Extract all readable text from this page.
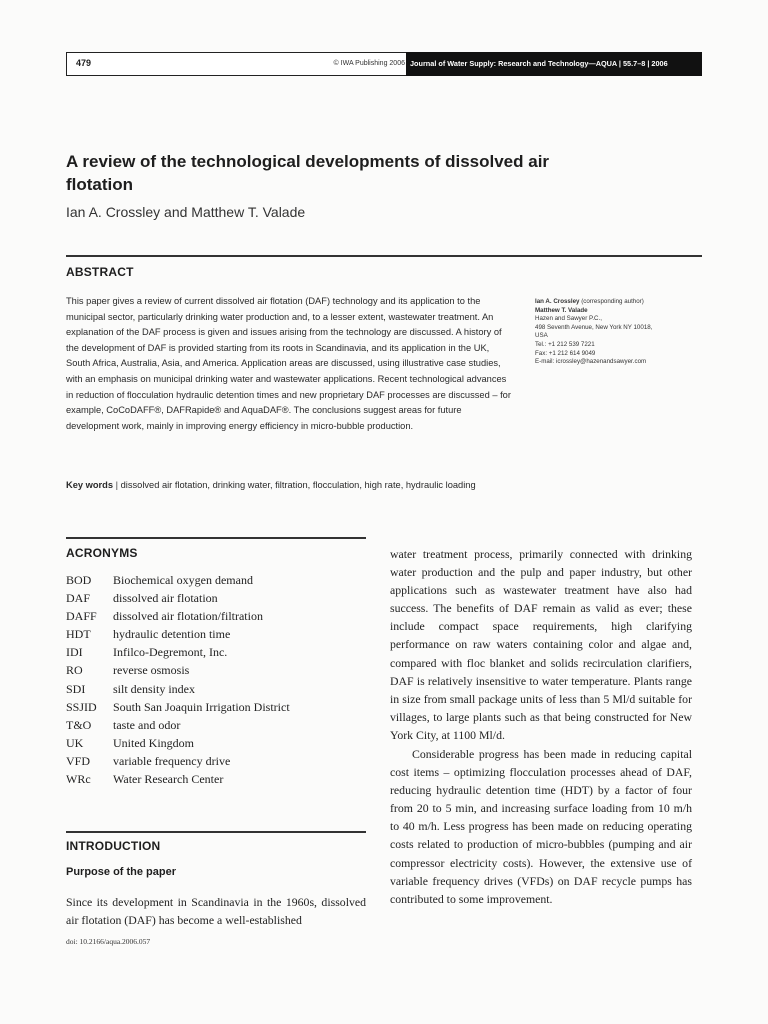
479	© IWA Publishing 2006 Journal of Water Supply: Research and Technology—AQUA | 55.7–8 | 2006
A review of the technological developments of dissolved air flotation
Ian A. Crossley and Matthew T. Valade
ABSTRACT

This paper gives a review of current dissolved air flotation (DAF) technology and its application to the municipal sector, particularly drinking water production and, to a lesser extent, wastewater treatment. An explanation of the DAF process is given and issues arising from the technology are discussed. A history of the development of DAF is provided starting from its roots in Scandinavia, and its application in the UK, South Africa, Australia, Asia, and America. Application areas are discussed, using illustrative case studies, with an emphasis on municipal drinking water and wastewater applications. Recent technological advances in reduction of flocculation hydraulic detention times and new proprietary DAF processes are discussed – for example, CoCoDAFF®, DAFRapide® and AquaDAF®. The conclusions suggest areas for future development work, mainly in improving energy efficiency in micro-bubble production.

Key words | dissolved air flotation, drinking water, filtration, flocculation, high rate, hydraulic loading
Ian A. Crossley (corresponding author)
Matthew T. Valade
Hazen and Sawyer P.C.,
498 Seventh Avenue, New York NY 10018,
USA
Tel.: +1 212 539 7221
Fax: +1 212 614 9049
E-mail: icrossley@hazenandsawyer.com
ACRONYMS
BOD	Biochemical oxygen demand
DAF	dissolved air flotation
DAFF	dissolved air flotation/filtration
HDT	hydraulic detention time
IDI	Infilco-Degremont, Inc.
RO	reverse osmosis
SDI	silt density index
SSJID	South San Joaquin Irrigation District
T&O	taste and odor
UK	United Kingdom
VFD	variable frequency drive
WRc	Water Research Center
INTRODUCTION
Purpose of the paper

Since its development in Scandinavia in the 1960s, dissolved air flotation (DAF) has become a well-established

doi: 10.2166/aqua.2006.057

water treatment process, primarily connected with drinking water production and the pulp and paper industry, but other applications such as wastewater treatment have also had success. The benefits of DAF remain as valid as ever; these include compact space requirements, high clarifying performance on raw waters containing color and algae and, compared with floc blanket and solids recirculation clarifiers, DAF is relatively insensitive to water temperature. Plants range in size from small package units of less than 5 Ml/d suitable for villages, to large plants such as that being constructed for New York City, at 1100 Ml/d.

Considerable progress has been made in reducing capital cost items – optimizing flocculation processes ahead of DAF, reducing hydraulic detention time (HDT) by a factor of four from 20 to 5 min, and increasing surface loading from 10 m/h to 40 m/h. Less progress has been made on reducing operating costs related to production of micro-bubbles (pumping and air compressor electricity costs). However, the extensive use of variable frequency drives (VFDs) on DAF recycle pumps has contributed to some improvement.
